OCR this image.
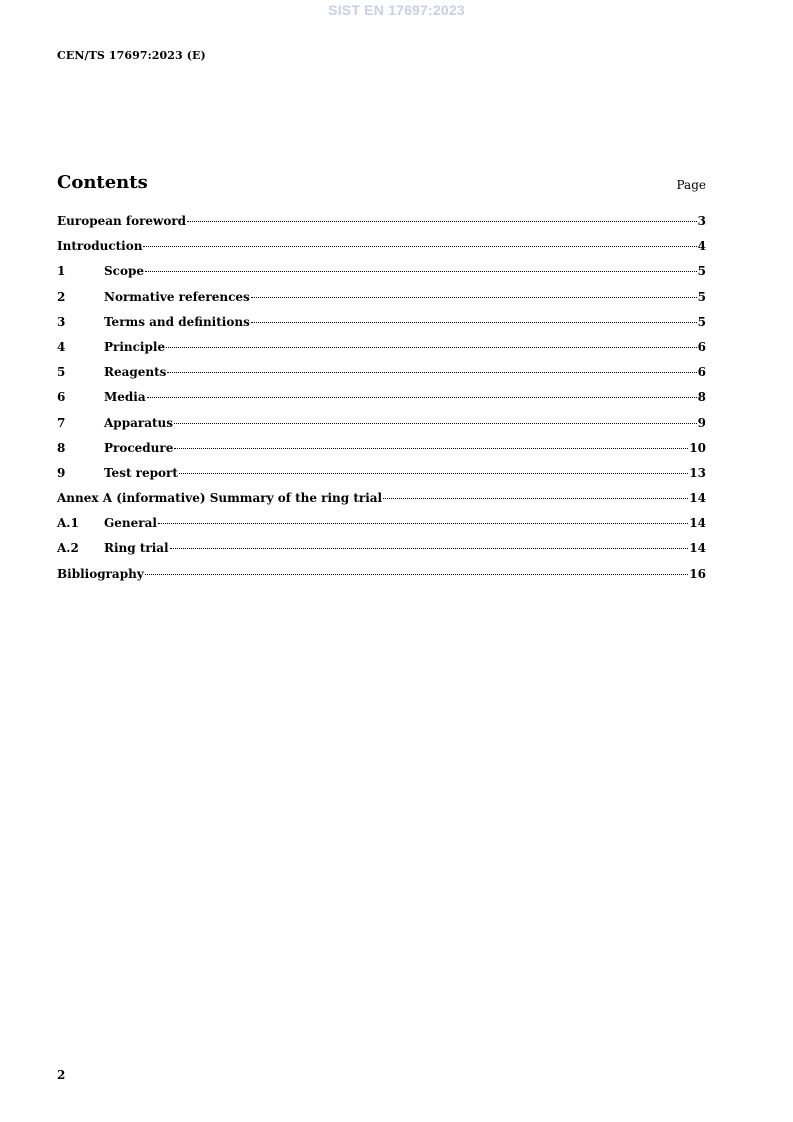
SIST EN 17697:2023
CEN/TS 17697:2023 (E)
Contents	Page
European foreword	3
Introduction	4
1	Scope	5
2	Normative references	5
3	Terms and definitions	5
4	Principle	6
5	Reagents	6
6	Media	8
7	Apparatus	9
8	Procedure	10
9	Test report	13
Annex A (informative) Summary of the ring trial	14
A.1	General	14
A.2	Ring trial	14
Bibliography	16
2
